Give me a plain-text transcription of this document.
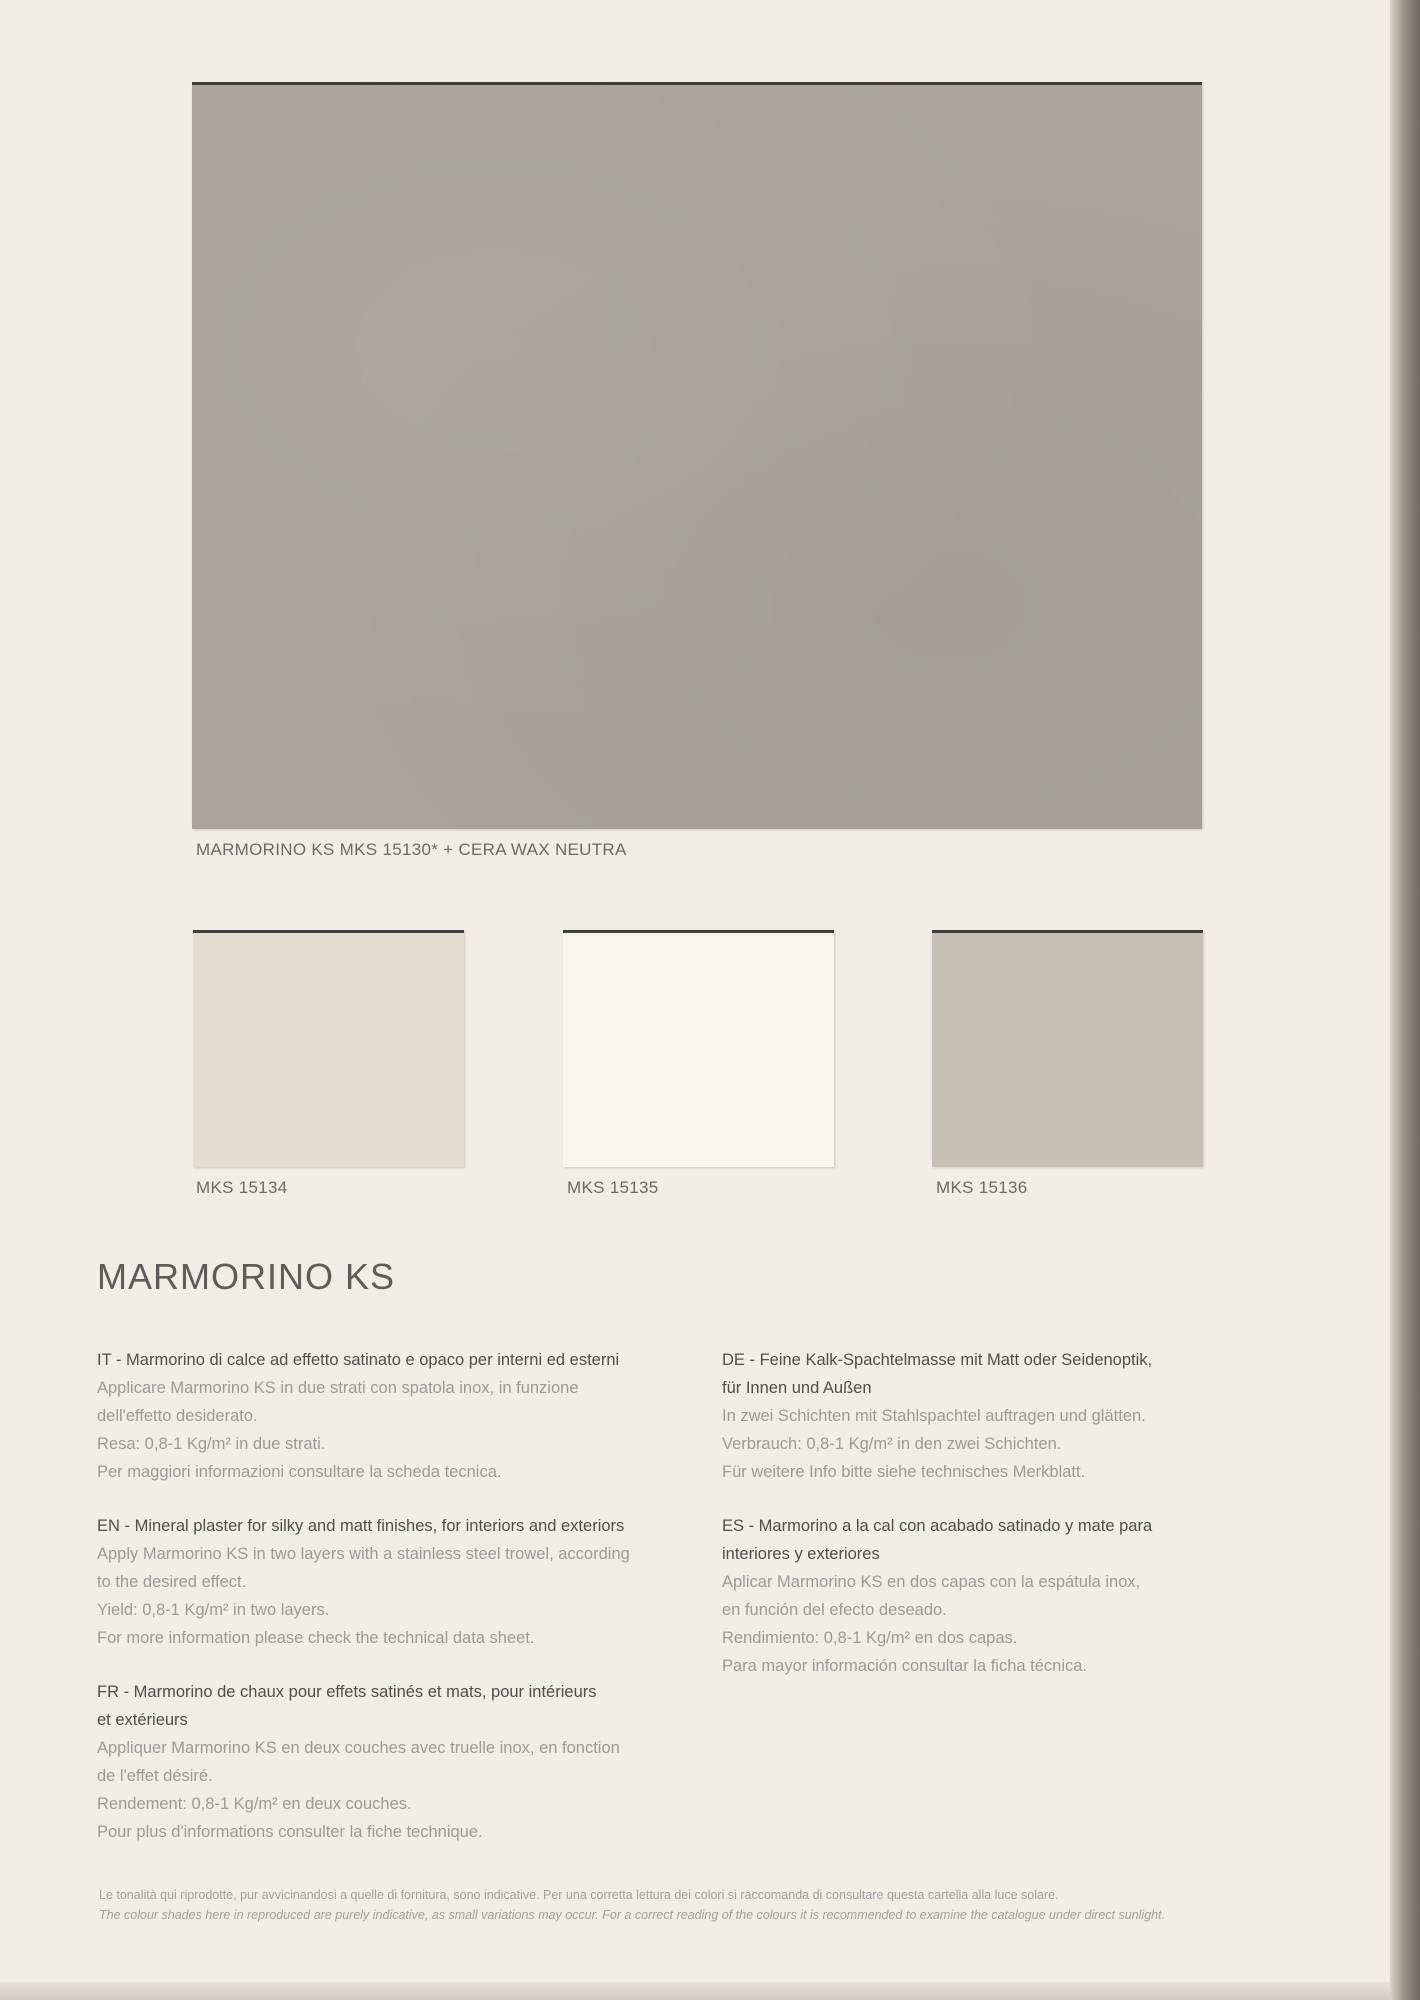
MARMORINO KS MKS 15130* + CERA WAX NEUTRA
MKS 15134	MKS 15135	MKS 15136
MARMORINO KS
IT - Marmorino di calce ad effetto satinato e opaco per interni ed esterni
Applicare Marmorino KS in due strati con spatola inox, in funzione
dell'effetto desiderato.
Resa: 0,8-1 Kg/m² in due strati.
Per maggiori informazioni consultare la scheda tecnica.
EN - Mineral plaster for silky and matt finishes, for interiors and exteriors
Apply Marmorino KS in two layers with a stainless steel trowel, according
to the desired effect.
Yield: 0,8-1 Kg/m² in two layers.
For more information please check the technical data sheet.
FR - Marmorino de chaux pour effets satinés et mats, pour intérieurs
et extérieurs
Appliquer Marmorino KS en deux couches avec truelle inox, en fonction
de l'effet désiré.
Rendement: 0,8-1 Kg/m² en deux couches.
Pour plus d'informations consulter la fiche technique.
DE - Feine Kalk-Spachtelmasse mit Matt oder Seidenoptik,
für Innen und Außen
In zwei Schichten mit Stahlspachtel auftragen und glätten.
Verbrauch: 0,8-1 Kg/m² in den zwei Schichten.
Für weitere Info bitte siehe technisches Merkblatt.
ES - Marmorino a la cal con acabado satinado y mate para
interiores y exteriores
Aplicar Marmorino KS en dos capas con la espátula inox,
en función del efecto deseado.
Rendimiento: 0,8-1 Kg/m² en dos capas.
Para mayor información consultar la ficha técnica.
Le tonalità qui riprodotte, pur avvicinandosi a quelle di fornitura, sono indicative. Per una corretta lettura dei colori si raccomanda di consultare questa cartella alla luce solare.
The colour shades here in reproduced are purely indicative, as small variations may occur. For a correct reading of the colours it is recommended to examine the catalogue under direct sunlight.
